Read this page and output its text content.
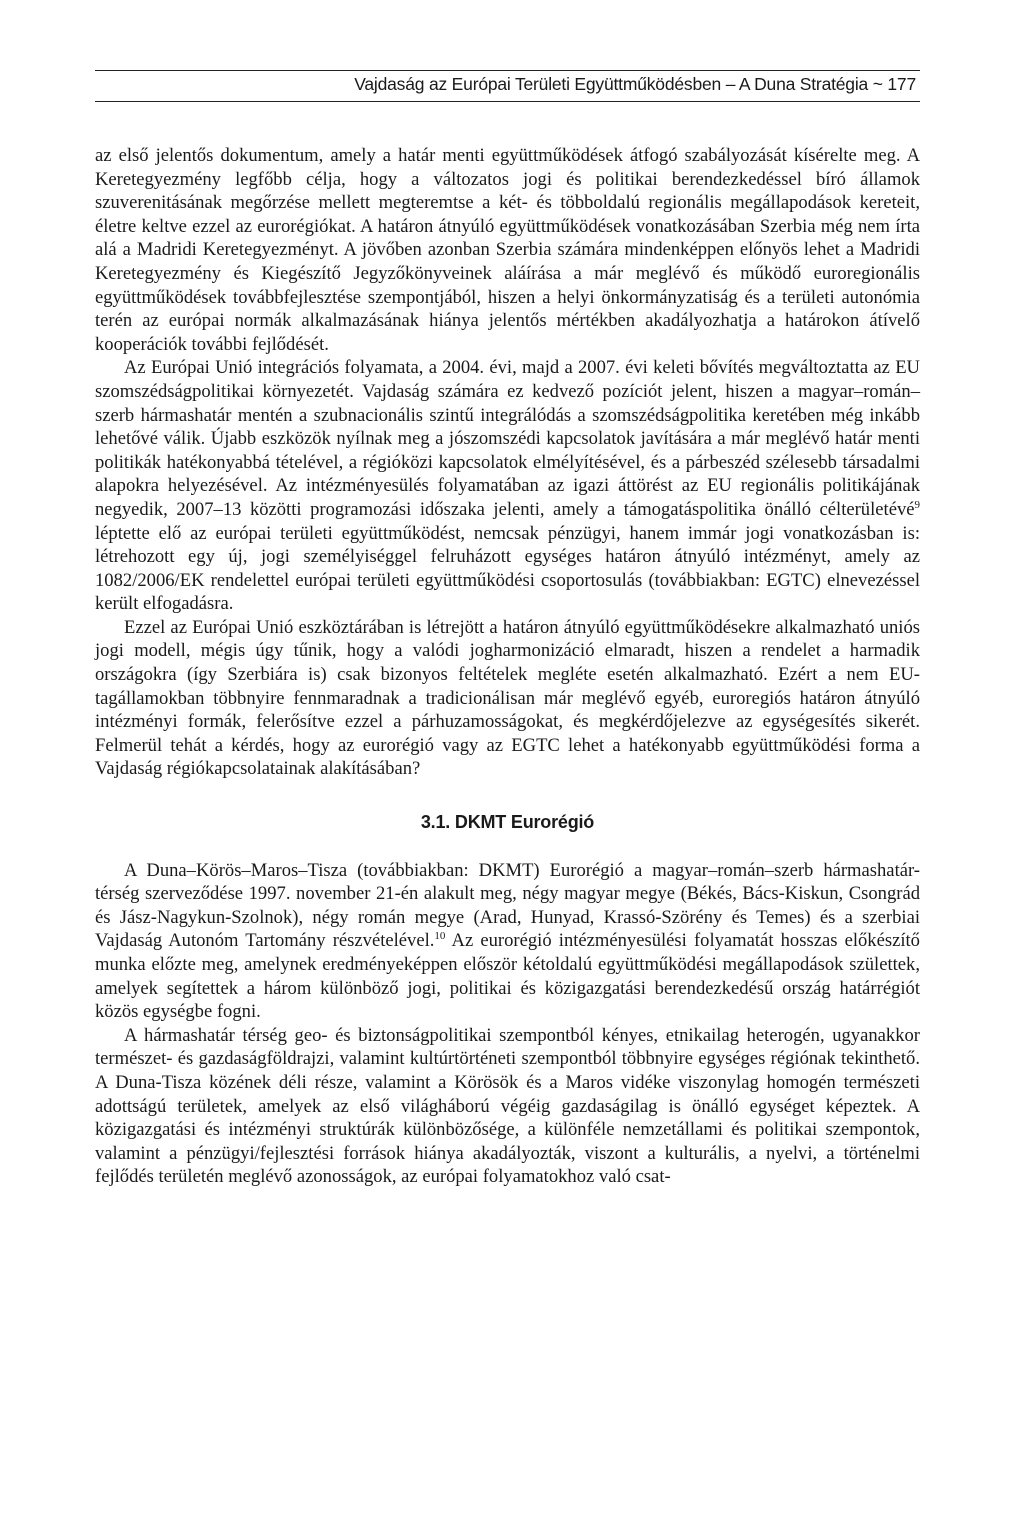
Vajdaság az Európai Területi Együttműködésben – A Duna Stratégia ~ 177

az első jelentős dokumentum, amely a határ menti együttműködések átfogó szabályozását kísérelte meg. A Keretegyezmény legfőbb célja, hogy a változatos jogi és politikai berendezkedéssel bíró államok szuverenitásának megőrzése mellett megteremtse a két- és többoldalú regionális megállapodások kereteit, életre keltve ezzel az eurorégiókat. A határon átnyúló együttműködések vonatkozásában Szerbia még nem írta alá a Madridi Keretegyezményt. A jövőben azonban Szerbia számára mindenképpen előnyös lehet a Madridi Keretegyezmény és Kiegészítő Jegyzőkönyveinek aláírása a már meglévő és működő euroregionális együttműködések továbbfejlesztése szempontjából, hiszen a helyi önkormányzatiság és a területi autonómia terén az európai normák alkalmazásának hiánya jelentős mértékben akadályozhatja a határokon átívelő kooperációk további fejlődését.

Az Európai Unió integrációs folyamata, a 2004. évi, majd a 2007. évi keleti bővítés megváltoztatta az EU szomszédságpolitikai környezetét. Vajdaság számára ez kedvező pozíciót jelent, hiszen a magyar–román–szerb hármashatár mentén a szubnacionális szintű integrálódás a szomszédságpolitika keretében még inkább lehetővé válik. Újabb eszközök nyílnak meg a jószomszédi kapcsolatok javítására a már meglévő határ menti politikák hatékonyabbá tételével, a régióközi kapcsolatok elmélyítésével, és a párbeszéd szélesebb társadalmi alapokra helyezésével. Az intézményesülés folyamatában az igazi áttörést az EU regionális politikájának negyedik, 2007–13 közötti programozási időszaka jelenti, amely a támogatáspolitika önálló célterületévé$^9$ léptette elő az európai területi együttműködést, nemcsak pénzügyi, hanem immár jogi vonatkozásban is: létrehozott egy új, jogi személyiséggel felruházott egységes határon átnyúló intézményt, amely az 1082/2006/EK rendelettel európai területi együttműködési csoportosulás (továbbiakban: EGTC) elnevezéssel került elfogadásra.

Ezzel az Európai Unió eszköztárában is létrejött a határon átnyúló együttműködésekre alkalmazható uniós jogi modell, mégis úgy tűnik, hogy a valódi jogharmonizáció elmaradt, hiszen a rendelet a harmadik országokra (így Szerbiára is) csak bizonyos feltételek megléte esetén alkalmazható. Ezért a nem EU-tagállamokban többnyire fennmaradnak a tradicionálisan már meglévő egyéb, euroregiós határon átnyúló intézményi formák, felerősítve ezzel a párhuzamosságokat, és megkérdőjelezve az egységesítés sikerét. Felmerül tehát a kérdés, hogy az eurorégió vagy az EGTC lehet a hatékonyabb együttműködési forma a Vajdaság régiókapcsolatainak alakításában?

3.1. DKMT Eurorégió

A Duna–Körös–Maros–Tisza (továbbiakban: DKMT) Eurorégió a magyar–román–szerb hármashatár-térség szerveződése 1997. november 21-én alakult meg, négy magyar megye (Békés, Bács-Kiskun, Csongrád és Jász-Nagykun-Szolnok), négy román megye (Arad, Hunyad, Krassó-Szörény és Temes) és a szerbiai Vajdaság Autonóm Tartomány részvételével.$^{10}$ Az eurorégió intézményesülési folyamatát hosszas előkészítő munka előzte meg, amelynek eredményeképpen először kétoldalú együttműködési megállapodások születtek, amelyek segítettek a három különböző jogi, politikai és közigazgatási berendezkedésű ország határrégiót közös egységbe fogni.

A hármashatár térség geo- és biztonságpolitikai szempontból kényes, etnikailag heterogén, ugyanakkor természet- és gazdaságföldrajzi, valamint kultúrtörténeti szempontból többnyire egységes régiónak tekinthető. A Duna-Tisza közének déli része, valamint a Körösök és a Maros vidéke viszonylag homogén természeti adottságú területek, amelyek az első világháború végéig gazdaságilag is önálló egységet képeztek. A közigazgatási és intézményi struktúrák különbözősége, a különféle nemzetállami és politikai szempontok, valamint a pénzügyi/fejlesztési források hiánya akadályozták, viszont a kulturális, a nyelvi, a történelmi fejlődés területén meglévő azonosságok, az európai folyamatokhoz való csat-
